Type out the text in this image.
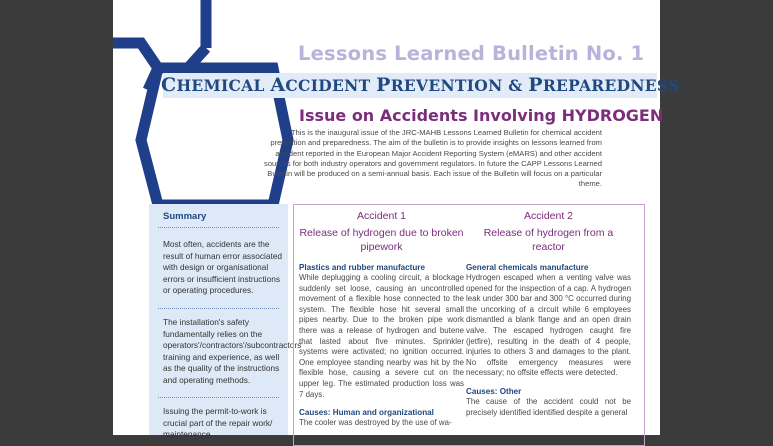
Lessons Learned Bulletin No. 1
CHEMICAL ACCIDENT PREVENTION & PREPAREDNESS
Issue on Accidents Involving HYDROGEN
This is the inaugural issue of the JRC-MAHB Lessons Learned Bulletin for chemical accident prevention and preparedness. The aim of the bulletin is to provide insights on lessons learned from accident reported in the European Major Accident Reporting System (eMARS) and other accident sources for both industry operators and government regulators. In future the CAPP Lessons Learned Bulletin will be produced on a semi-annual basis. Each issue of the Bulletin will focus on a particular theme.
Summary

Most often, accidents are the result of human error associated with design or organisational errors or insufficient instructions or operating procedures.

The installation's safety fundamentally relies on the operators'/contractors'/subcontractors' training and experience, as well as the quality of the instructions and operating methods.

Issuing the permit-to-work is crucial part of the repair work/ maintenance

Accident 1
Release of hydrogen due to broken pipework
Plastics and rubber manufacture

While deplugging a cooling circuit, a blockage suddenly set loose, causing an uncontrolled movement of a flexible hose connected to the system. The flexible hose hit several small pipes nearby. Due to the broken pipe work there was a release of hydrogen and butene that lasted about five minutes. Sprinkler systems were activated; no ignition occurred. One employee standing nearby was hit by the flexible hose, causing a severe cut on the upper leg. The estimated production loss was 7 days.

Causes: Human and organizational

The cooler was destroyed by the use of wa-

Accident 2
Release of hydrogen from a reactor
General chemicals manufacture

Hydrogen escaped when a venting valve was opened for the inspection of a cap. A hydrogen leak under 300 bar and 300 °C occurred during the uncorking of a circuit while 6 employees dismantled a blank flange and an open drain valve. The escaped hydrogen caught fire (jetfire), resulting in the death of 4 people, injuries to others 3 and damages to the plant. No offsite emergency measures were necessary; no offsite effects were detected.

Causes: Other

The cause of the accident could not be precisely identified identified despite a general
